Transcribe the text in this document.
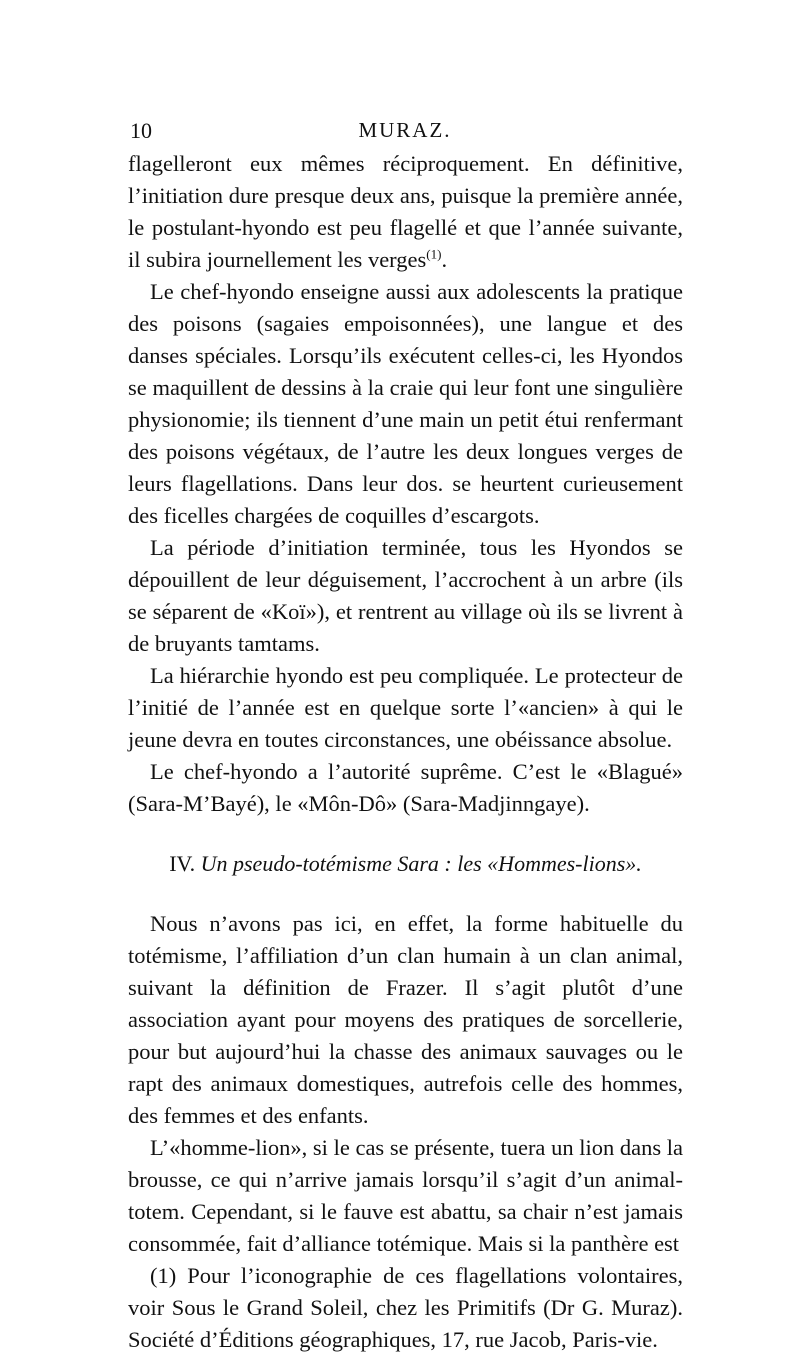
10	MURAZ.

flagelleront eux mêmes réciproquement. En définitive, l’initiation dure presque deux ans, puisque la première année, le postulant-hyondo est peu flagellé et que l’année suivante, il subira journellement les verges$^{(1)}$.

Le chef-hyondo enseigne aussi aux adolescents la pratique des poisons (sagaies empoisonnées), une langue et des danses spéciales. Lorsqu’ils exécutent celles-ci, les Hyondos se maquillent de dessins à la craie qui leur font une singulière physionomie; ils tiennent d’une main un petit étui renfermant des poisons végétaux, de l’autre les deux longues verges de leurs flagellations. Dans leur dos. se heurtent curieusement des ficelles chargées de coquilles d’escargots.

La période d’initiation terminée, tous les Hyondos se dépouillent de leur déguisement, l’accrochent à un arbre (ils se séparent de «Koï»), et rentrent au village où ils se livrent à de bruyants tamtams.

La hiérarchie hyondo est peu compliquée. Le protecteur de l’initié de l’année est en quelque sorte l’«ancien» à qui le jeune devra en toutes circonstances, une obéissance absolue.

Le chef-hyondo a l’autorité suprême. C’est le «Blagué» (Sara-M’Bayé), le «Môn-Dô» (Sara-Madjinngaye).

IV. Un pseudo-totémisme Sara : les «Hommes-lions».

Nous n’avons pas ici, en effet, la forme habituelle du totémisme, l’affiliation d’un clan humain à un clan animal, suivant la définition de Frazer. Il s’agit plutôt d’une association ayant pour moyens des pratiques de sorcellerie, pour but aujourd’hui la chasse des animaux sauvages ou le rapt des animaux domestiques, autrefois celle des hommes, des femmes et des enfants.

L’«homme-lion», si le cas se présente, tuera un lion dans la brousse, ce qui n’arrive jamais lorsqu’il s’agit d’un animal-totem. Cependant, si le fauve est abattu, sa chair n’est jamais consommée, fait d’alliance totémique. Mais si la panthère est

(1) Pour l’iconographie de ces flagellations volontaires, voir Sous le Grand Soleil, chez les Primitifs (Dr G. Muraz). Société d’Éditions géographiques, 17, rue Jacob, Paris-vie.
